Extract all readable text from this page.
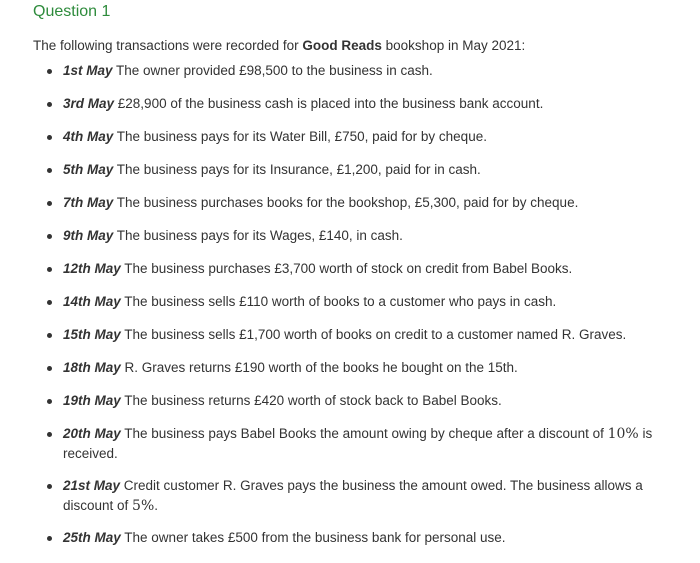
Question 1

The following transactions were recorded for Good Reads bookshop in May 2021:

1st May The owner provided £98,500 to the business in cash.
3rd May £28,900 of the business cash is placed into the business bank account.
4th May The business pays for its Water Bill, £750, paid for by cheque.
5th May The business pays for its Insurance, £1,200, paid for in cash.
7th May The business purchases books for the bookshop, £5,300, paid for by cheque.
9th May The business pays for its Wages, £140, in cash.
12th May The business purchases £3,700 worth of stock on credit from Babel Books.
14th May The business sells £110 worth of books to a customer who pays in cash.
15th May The business sells £1,700 worth of books on credit to a customer named R. Graves.
18th May R. Graves returns £190 worth of the books he bought on the 15th.
19th May The business returns £420 worth of stock back to Babel Books.
20th May The business pays Babel Books the amount owing by cheque after a discount of 10% is received.
21st May Credit customer R. Graves pays the business the amount owed. The business allows a discount of 5%.
25th May The owner takes £500 from the business bank for personal use.
